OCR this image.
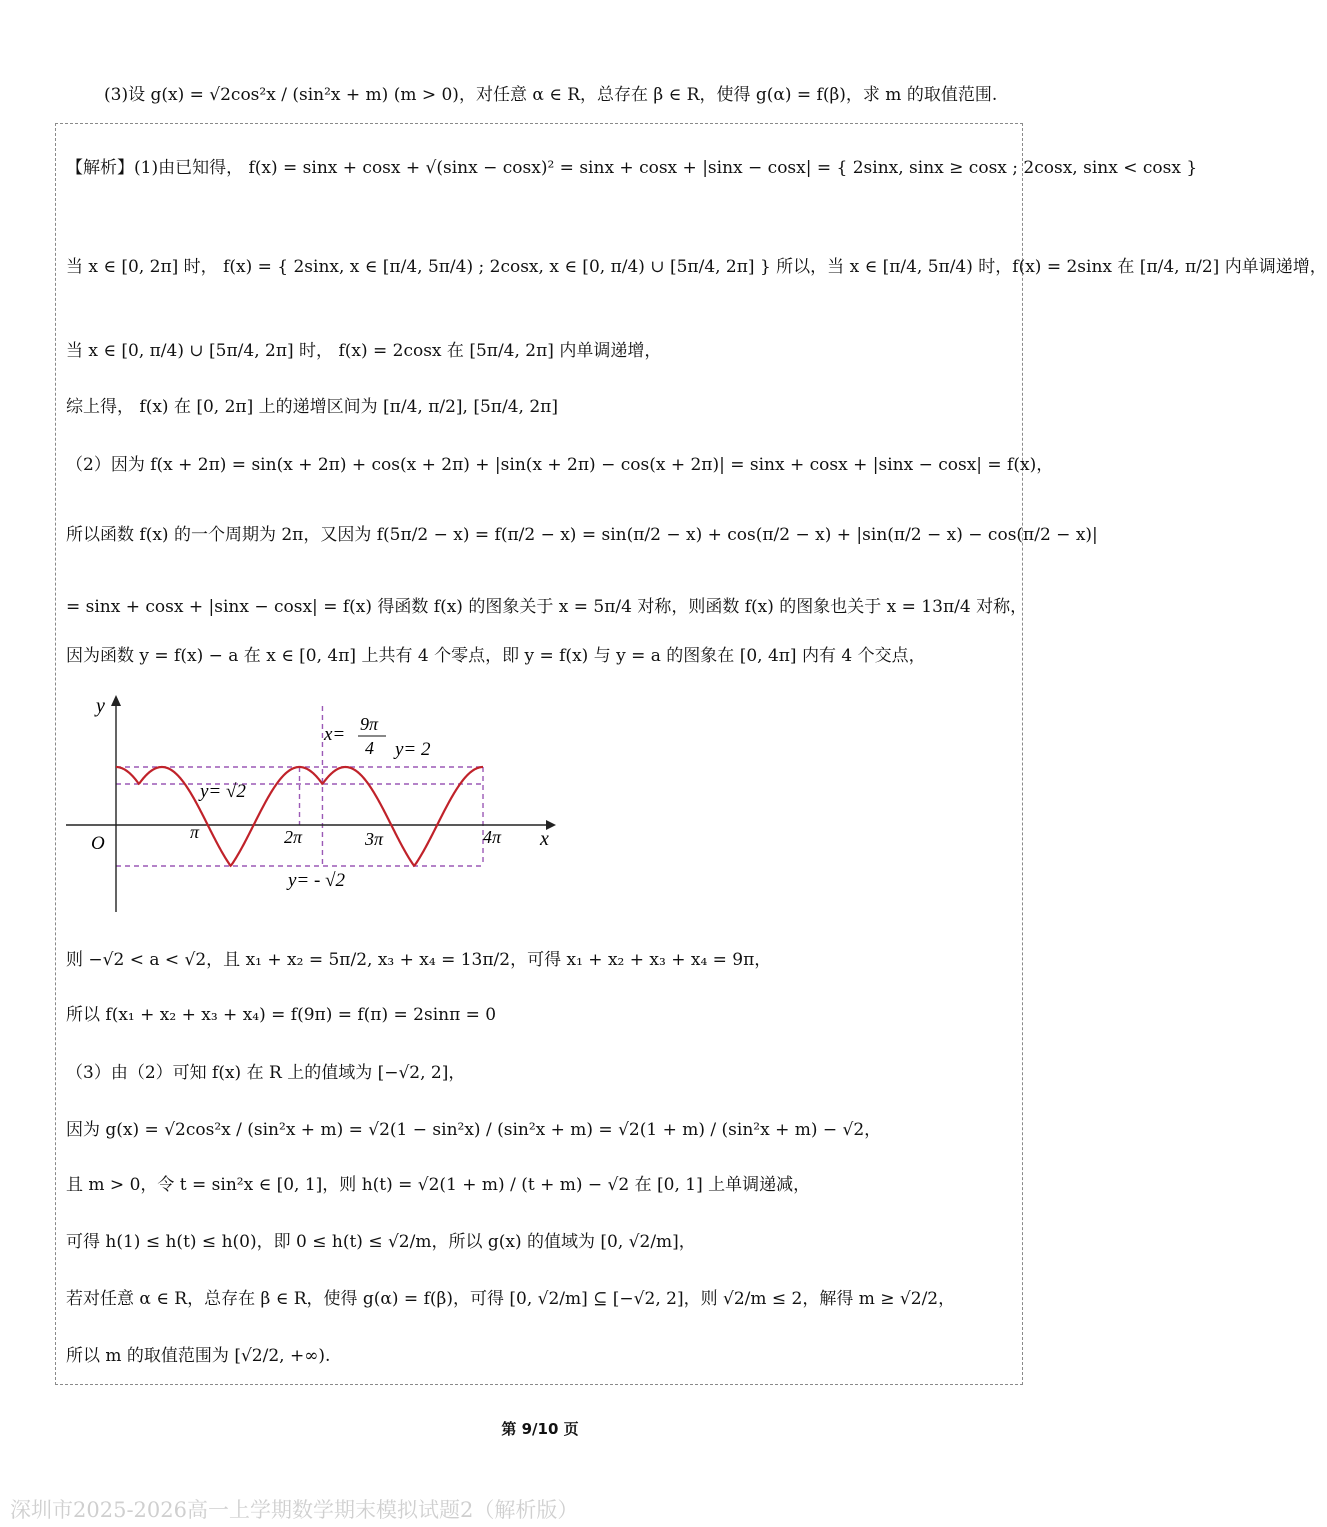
(3)设 g(x) = √2cos²x / (sin²x + m) (m > 0)，对任意 α ∈ R，总存在 β ∈ R，使得 g(α) = f(β)，求 m 的取值范围.
【解析】(1)由已知得， f(x) = sinx + cosx + √(sinx − cosx)² = sinx + cosx + |sinx − cosx| = { 2sinx, sinx ≥ cosx ; 2cosx, sinx < cosx }
当 x ∈ [0, 2π] 时， f(x) = { 2sinx, x ∈ [π/4, 5π/4) ; 2cosx, x ∈ [0, π/4) ∪ [5π/4, 2π] } 所以，当 x ∈ [π/4, 5π/4) 时，f(x) = 2sinx 在 [π/4, π/2] 内单调递增，
当 x ∈ [0, π/4) ∪ [5π/4, 2π] 时， f(x) = 2cosx 在 [5π/4, 2π] 内单调递增，
综上得， f(x) 在 [0, 2π] 上的递增区间为 [π/4, π/2], [5π/4, 2π]
（2）因为 f(x + 2π) = sin(x + 2π) + cos(x + 2π) + |sin(x + 2π) − cos(x + 2π)| = sinx + cosx + |sinx − cosx| = f(x)，
所以函数 f(x) 的一个周期为 2π，又因为 f(5π/2 − x) = f(π/2 − x) = sin(π/2 − x) + cos(π/2 − x) + |sin(π/2 − x) − cos(π/2 − x)|
= sinx + cosx + |sinx − cosx| = f(x) 得函数 f(x) 的图象关于 x = 5π/4 对称，则函数 f(x) 的图象也关于 x = 13π/4 对称，
因为函数 y = f(x) − a 在 x ∈ [0, 4π] 上共有 4 个零点，即 y = f(x) 与 y = a 的图象在 [0, 4π] 内有 4 个交点，
y
x
O
π	2π	3π	4π
y= 2
y= √2
y= - √2
x= 9π
4
则 −√2 < a < √2，且 x₁ + x₂ = 5π/2, x₃ + x₄ = 13π/2，可得 x₁ + x₂ + x₃ + x₄ = 9π，
所以 f(x₁ + x₂ + x₃ + x₄) = f(9π) = f(π) = 2sinπ = 0
（3）由（2）可知 f(x) 在 R 上的值域为 [−√2, 2]，
因为 g(x) = √2cos²x / (sin²x + m) = √2(1 − sin²x) / (sin²x + m) = √2(1 + m) / (sin²x + m) − √2，
且 m > 0，令 t = sin²x ∈ [0, 1]，则 h(t) = √2(1 + m) / (t + m) − √2 在 [0, 1] 上单调递减，
可得 h(1) ≤ h(t) ≤ h(0)，即 0 ≤ h(t) ≤ √2/m，所以 g(x) 的值域为 [0, √2/m]，
若对任意 α ∈ R，总存在 β ∈ R，使得 g(α) = f(β)，可得 [0, √2/m] ⊆ [−√2, 2]，则 √2/m ≤ 2，解得 m ≥ √2/2，
所以 m 的取值范围为 [√2/2, +∞).
第 9/10 页
深圳市2025-2026高一上学期数学期末模拟试题2（解析版）
